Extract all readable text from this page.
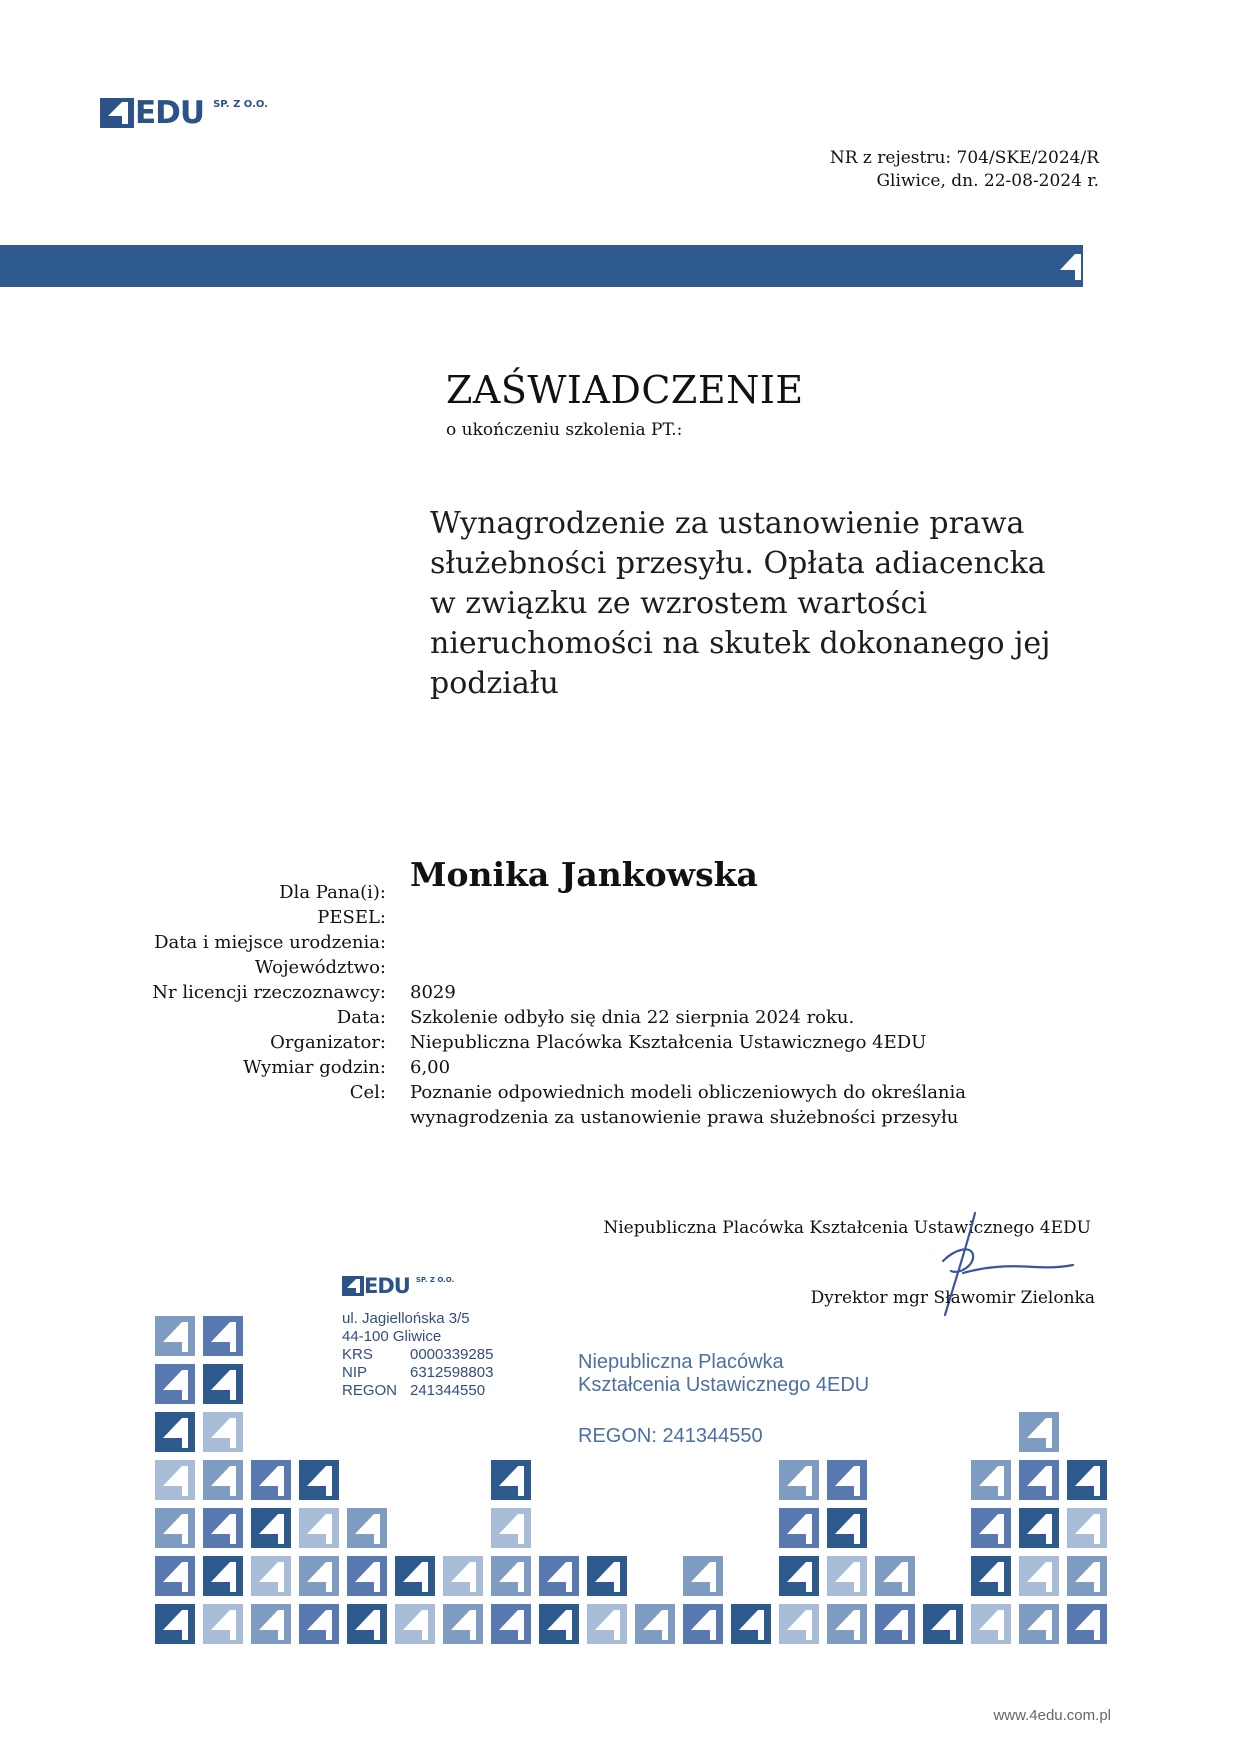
EDU SP. Z O.O.
NR z rejestru: 704/SKE/2024/R
Gliwice, dn. 22-08-2024 r.
ZAŚWIADCZENIE
o ukończeniu szkolenia PT.:
Wynagrodzenie za ustanowienie prawa
służebności przesyłu. Opłata adiacencka
w związku ze wzrostem wartości
nieruchomości na skutek dokonanego jej
podziału
Dla Pana(i):
PESEL:
Data i miejsce urodzenia:
Województwo:
Nr licencji rzeczoznawcy:
Data:
Organizator:
Wymiar godzin:
Cel:
Monika Jankowska
8029
Szkolenie odbyło się dnia 22 sierpnia 2024 roku.
Niepubliczna Placówka Kształcenia Ustawicznego 4EDU
6,00
Poznanie odpowiednich modeli obliczeniowych do określania
wynagrodzenia za ustanowienie prawa służebności przesyłu
Niepubliczna Placówka Kształcenia Ustawicznego 4EDU
Dyrektor mgr Sławomir Zielonka
EDU SP. Z O.O.
ul. Jagiellońska 3/5
44-100 Gliwice
KRS 0000339285
NIP	6312598803
REGON 241344550
Niepubliczna Placówka
Kształcenia Ustawicznego 4EDU
REGON: 241344550
www.4edu.com.pl
